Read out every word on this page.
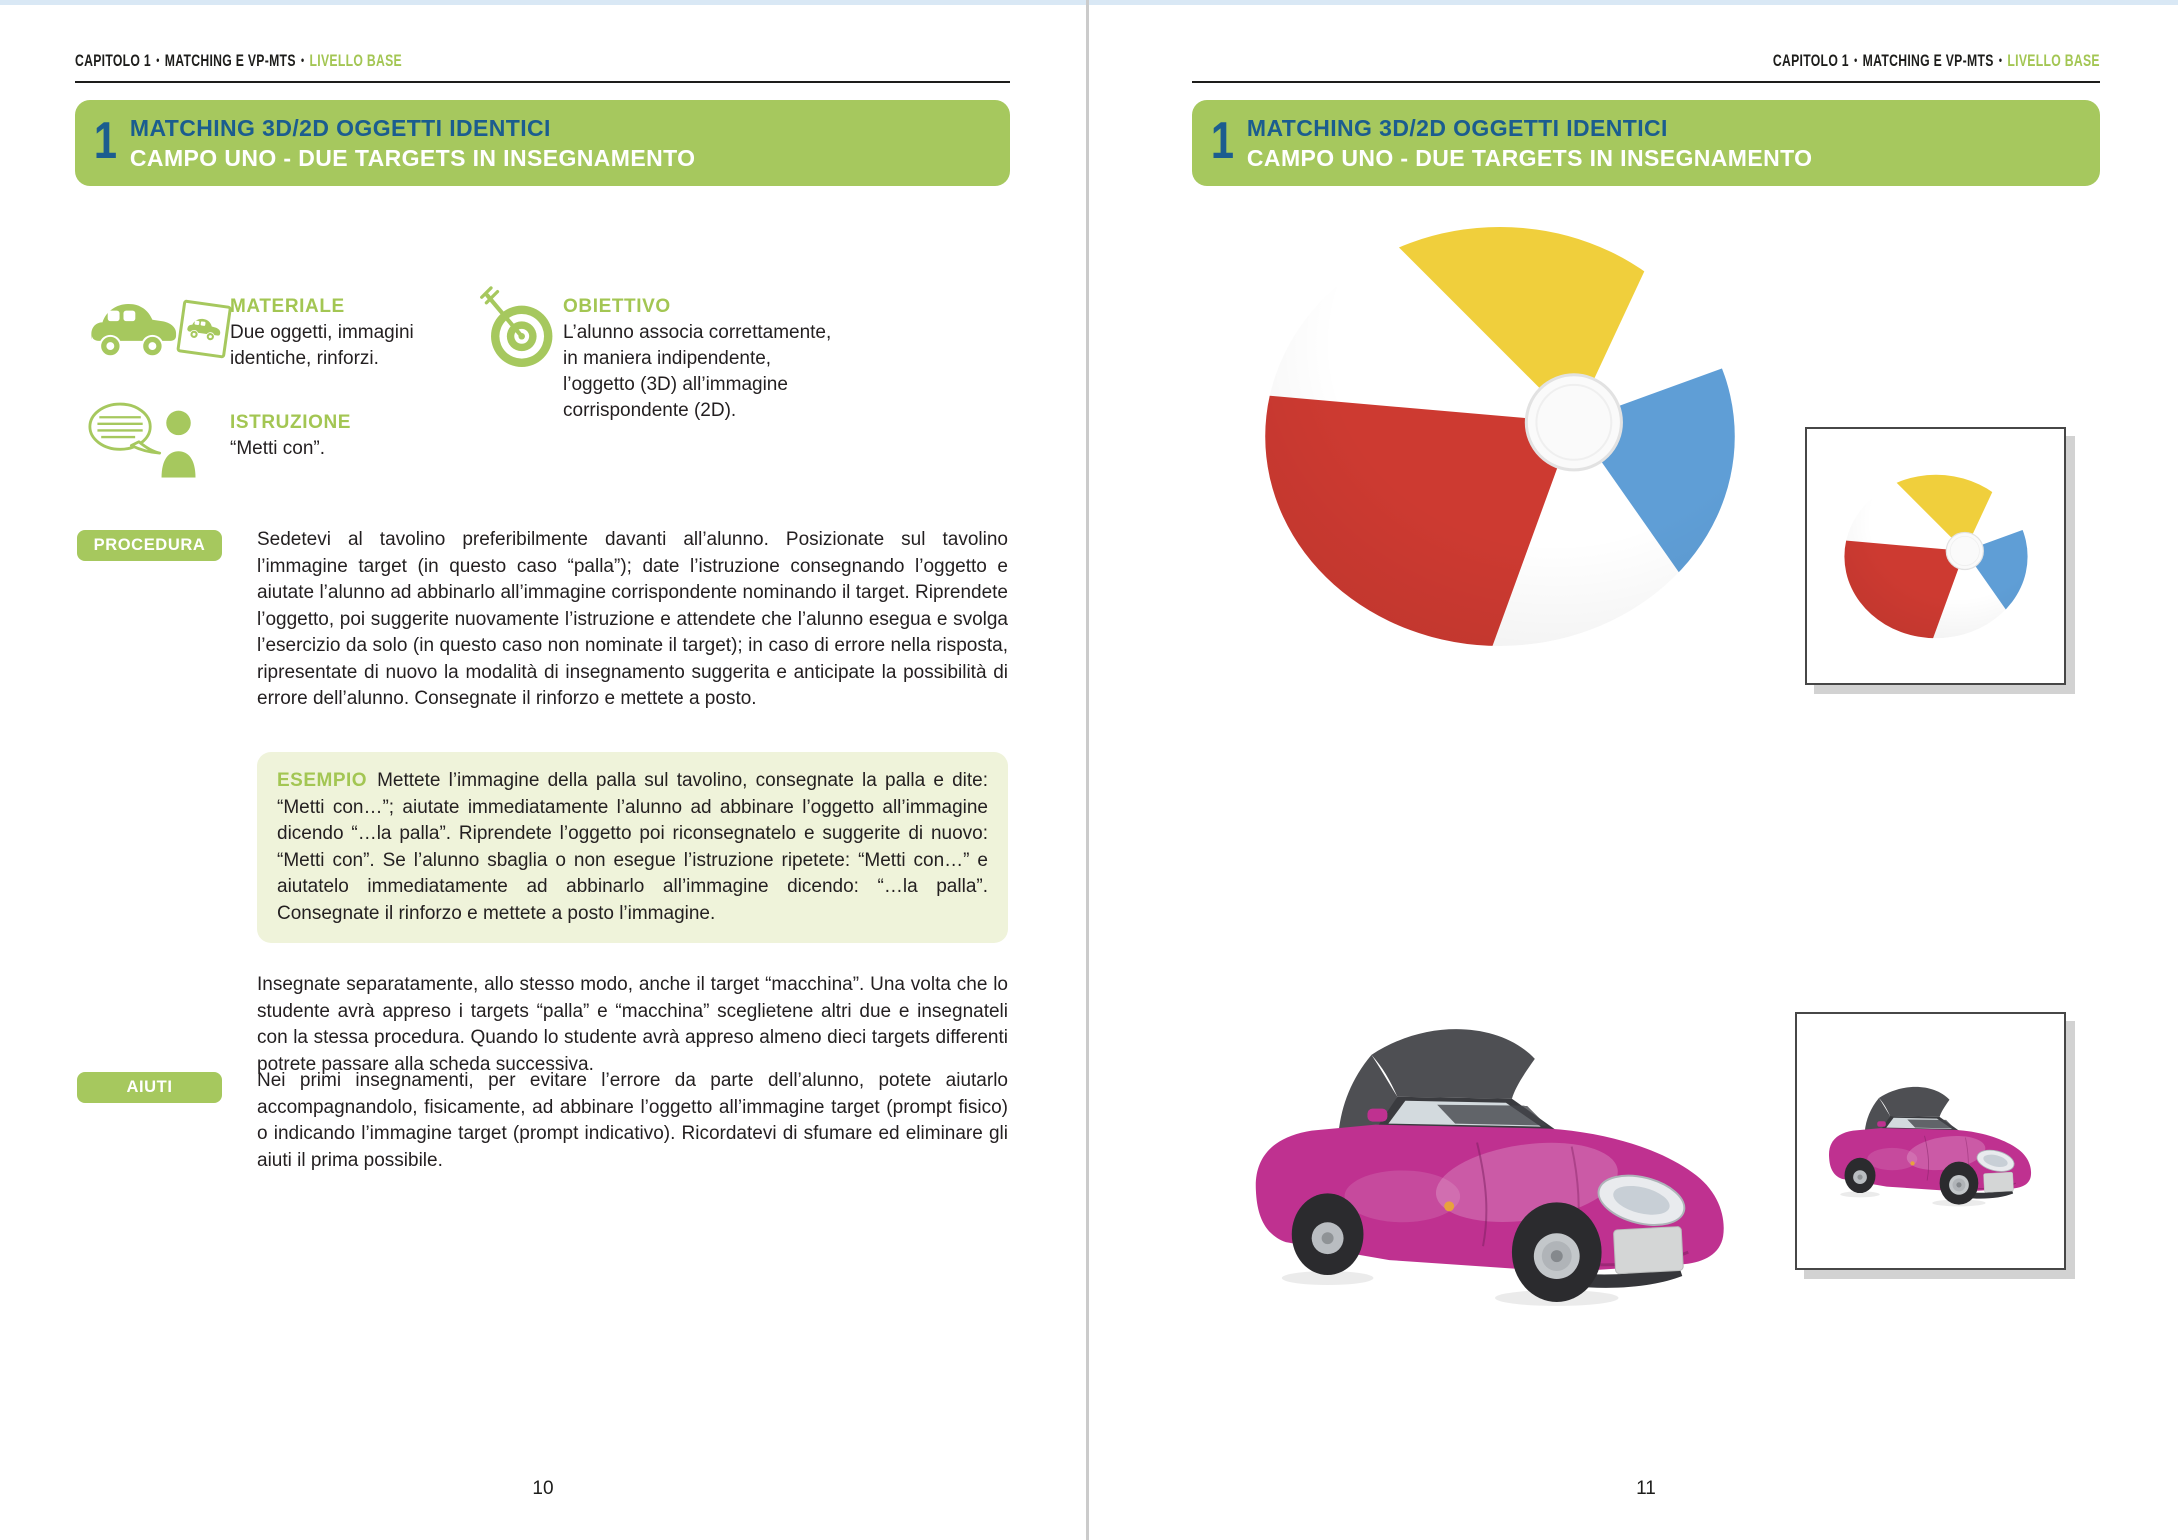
CAPITOLO 1 • MATCHING E VP-MTS • LIVELLO BASE
1 MATCHING 3D/2D OGGETTI IDENTICI
CAMPO UNO - DUE TARGETS IN INSEGNAMENTO
MATERIALE
Due oggetti, immagini identiche, rinforzi.
OBIETTIVO
L’alunno associa correttamente, in maniera indipendente, l’oggetto (3D) all’immagine corrispondente (2D).
ISTRUZIONE
“Metti con”.
PROCEDURA	Sedetevi al tavolino preferibilmente davanti all’alunno. Posizionate sul tavolino l’immagine target (in questo caso “palla”); date l’istruzione consegnando l’oggetto e aiutate l’alunno ad abbinarlo all’immagine corrispondente nominando il target. Riprendete l’oggetto, poi suggerite nuovamente l’istruzione e attendete che l’alunno esegua e svolga l’esercizio da solo (in questo caso non nominate il target); in caso di errore nella risposta, ripresentate di nuovo la modalità di insegnamento suggerita e anticipate la possibilità di errore dell’alunno. Consegnate il rinforzo e mettete a posto.
ESEMPIO Mettete l’immagine della palla sul tavolino, consegnate la palla e dite: “Metti con…”; aiutate immediatamente l’alunno ad abbinare l’oggetto all’immagine dicendo “…la palla”. Riprendete l’oggetto poi riconsegnatelo e suggerite di nuovo: “Metti con”. Se l’alunno sbaglia o non esegue l’istruzione ripetete: “Metti con…” e aiutatelo immediatamente ad abbinarlo all’immagine dicendo: “…la palla”. Consegnate il rinforzo e mettete a posto l’immagine.
Insegnate separatamente, allo stesso modo, anche il target “macchina”. Una volta che lo studente avrà appreso i targets “palla” e “macchina” sceglietene altri due e insegnateli con la stessa procedura. Quando lo studente avrà appreso almeno dieci targets differenti potrete passare alla scheda successiva.
AIUTI	Nei primi insegnamenti, per evitare l’errore da parte dell’alunno, potete aiutarlo accompagnandolo, fisicamente, ad abbinare l’oggetto all’immagine target (prompt fisico) o indicando l’immagine target (prompt indicativo). Ricordatevi di sfumare ed eliminare gli aiuti il prima possibile.
10
CAPITOLO 1 • MATCHING E VP-MTS • LIVELLO BASE
1 MATCHING 3D/2D OGGETTI IDENTICI
CAMPO UNO - DUE TARGETS IN INSEGNAMENTO
11
